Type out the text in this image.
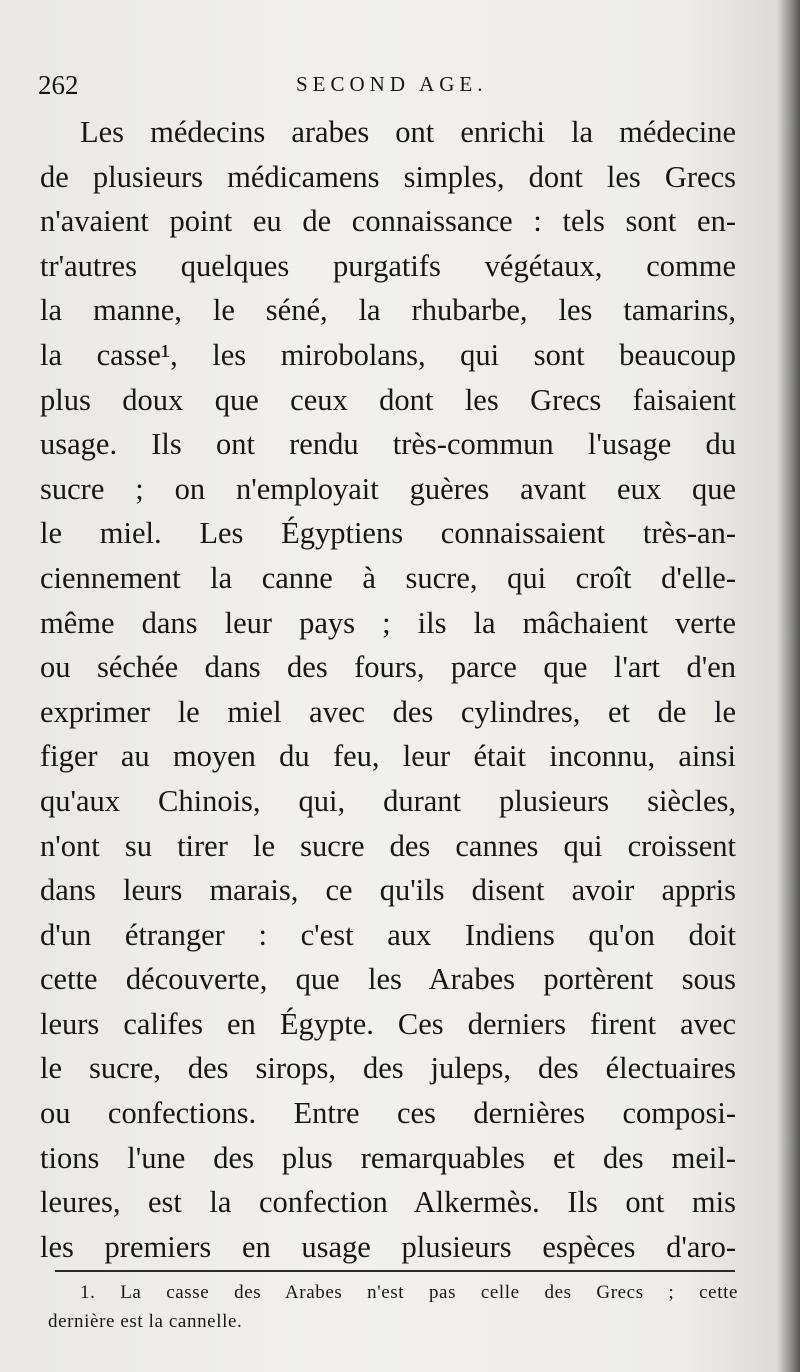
262	SECOND AGE.
Les médecins arabes ont enrichi la médecine
de plusieurs médicamens simples, dont les Grecs
n'avaient point eu de connaissance : tels sont en-
tr'autres quelques purgatifs végétaux, comme
la manne, le séné, la rhubarbe, les tamarins,
la casse¹, les mirobolans, qui sont beaucoup
plus doux que ceux dont les Grecs faisaient
usage. Ils ont rendu très-commun l'usage du
sucre ; on n'employait guères avant eux que
le miel. Les Égyptiens connaissaient très-an-
ciennement la canne à sucre, qui croît d'elle-
même dans leur pays ; ils la mâchaient verte
ou séchée dans des fours, parce que l'art d'en
exprimer le miel avec des cylindres, et de le
figer au moyen du feu, leur était inconnu, ainsi
qu'aux Chinois, qui, durant plusieurs siècles,
n'ont su tirer le sucre des cannes qui croissent
dans leurs marais, ce qu'ils disent avoir appris
d'un étranger : c'est aux Indiens qu'on doit
cette découverte, que les Arabes portèrent sous
leurs califes en Égypte. Ces derniers firent avec
le sucre, des sirops, des juleps, des électuaires
ou confections. Entre ces dernières composi-
tions l'une des plus remarquables et des meil-
leures, est la confection Alkermès. Ils ont mis
les premiers en usage plusieurs espèces d'aro-
1. La casse des Arabes n'est pas celle des Grecs ; cette
dernière est la cannelle.
